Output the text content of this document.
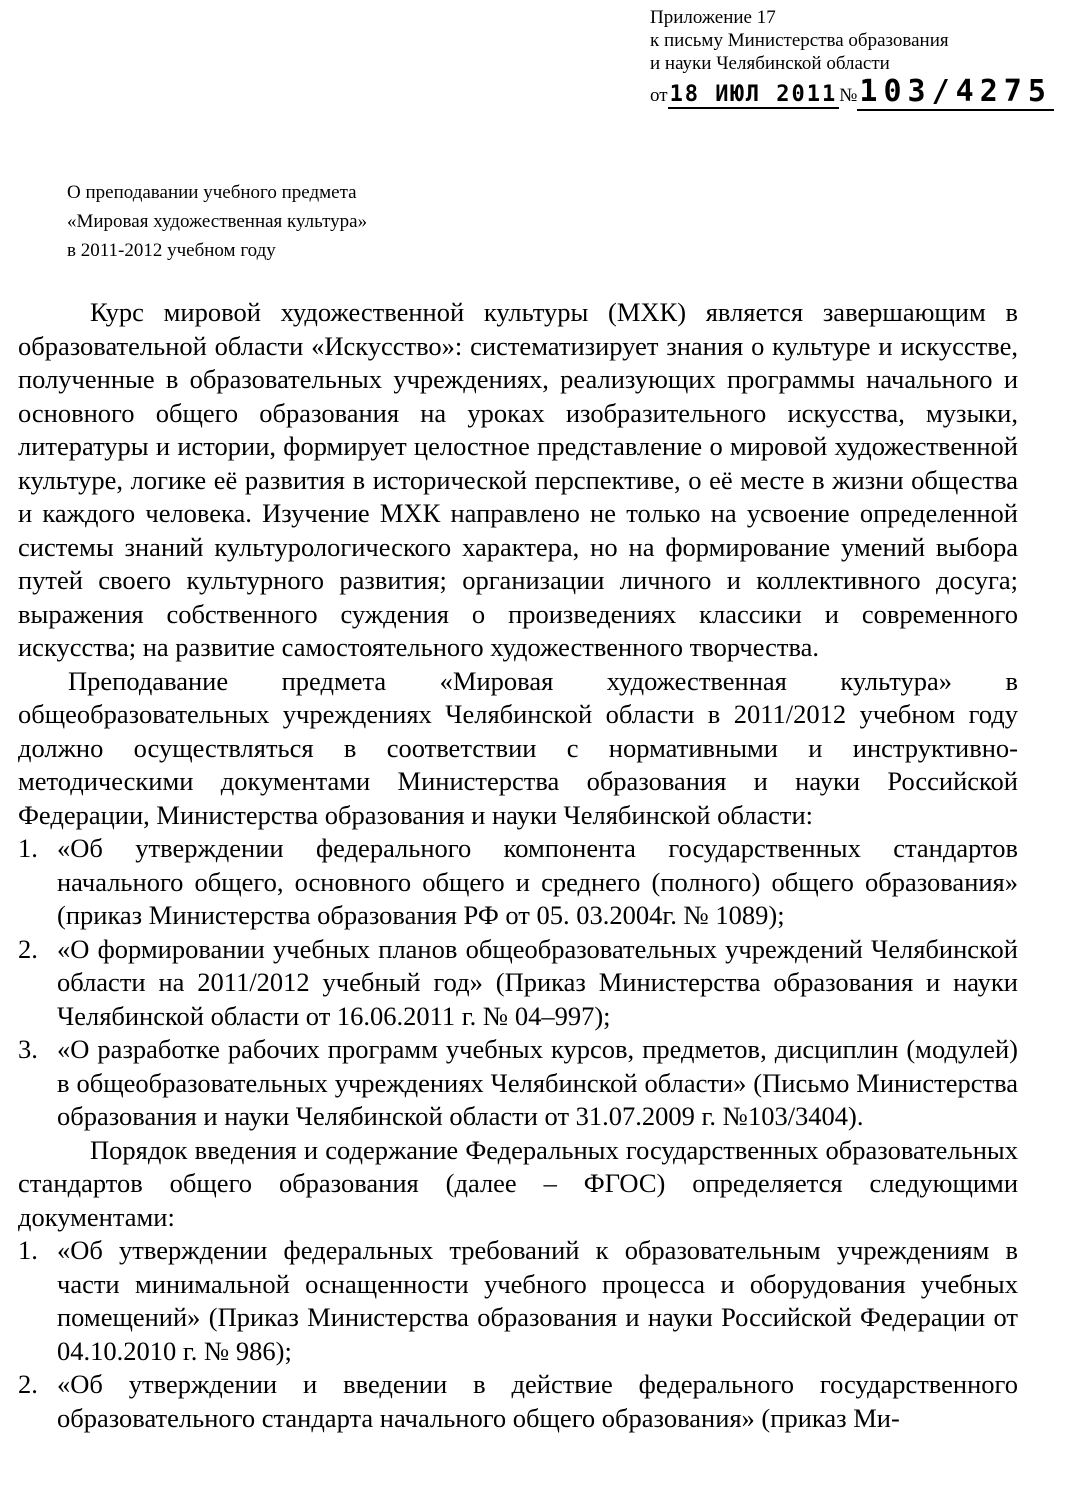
Приложение 17
к письму Министерства образования
и науки Челябинской области
от18 ИЮЛ 2011 №103/4275
О преподавании учебного предмета
«Мировая художественная культура»
в 2011-2012 учебном году

Курс мировой художественной культуры (МХК) является завершающим в образовательной области «Искусство»: систематизирует знания о культуре и искусстве, полученные в образовательных учреждениях, реализующих программы начального и основного общего образования на уроках изобразительного искусства, музыки, литературы и истории, формирует целостное представление о мировой художественной культуре, логике её развития в исторической перспективе, о её месте в жизни общества и каждого человека. Изучение МХК направлено не только на усвоение определенной системы знаний культурологического характера, но на формирование умений выбора путей своего культурного развития; организации личного и коллективного досуга; выражения собственного суждения о произведениях классики и современного искусства; на развитие самостоятельного художественного творчества.

Преподавание предмета «Мировая художественная культура» в общеобразовательных учреждениях Челябинской области в 2011/2012 учебном году должно осуществляться в соответствии с нормативными и инструктивно-методическими документами Министерства образования и науки Российской Федерации, Министерства образования и науки Челябинской области:

1. «Об утверждении федерального компонента государственных стандартов начального общего, основного общего и среднего (полного) общего образования» (приказ Министерства образования РФ от 05. 03.2004г. № 1089);
2. «О формировании учебных планов общеобразовательных учреждений Челябинской области на 2011/2012 учебный год» (Приказ Министерства образования и науки Челябинской области от 16.06.2011 г. № 04–997);
3. «О разработке рабочих программ учебных курсов, предметов, дисциплин (модулей) в общеобразовательных учреждениях Челябинской области» (Письмо Министерства образования и науки Челябинской области от 31.07.2009 г. №103/3404).

Порядок введения и содержание Федеральных государственных образовательных стандартов общего образования (далее – ФГОС) определяется следующими документами:

1. «Об утверждении федеральных требований к образовательным учреждениям в части минимальной оснащенности учебного процесса и оборудования учебных помещений» (Приказ Министерства образования и науки Российской Федерации от 04.10.2010 г. № 986);
2. «Об утверждении и введении в действие федерального государственного образовательного стандарта начального общего образования» (приказ Ми-
